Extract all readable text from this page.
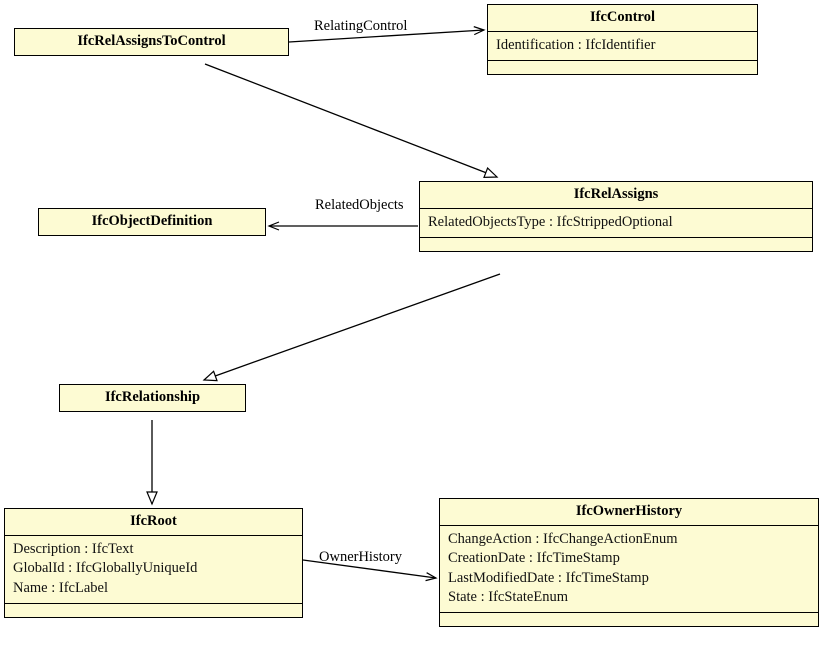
IfcRelAssignsToControl
IfcControl
Identification : IfcIdentifier
IfcRelAssigns
RelatedObjectsType : IfcStrippedOptional
IfcObjectDefinition
IfcRelationship
IfcRoot
Description : IfcText
GlobalId : IfcGloballyUniqueId
Name : IfcLabel
IfcOwnerHistory
ChangeAction : IfcChangeActionEnum
CreationDate : IfcTimeStamp
LastModifiedDate : IfcTimeStamp
State : IfcStateEnum
RelatingControl
RelatedObjects
OwnerHistory
